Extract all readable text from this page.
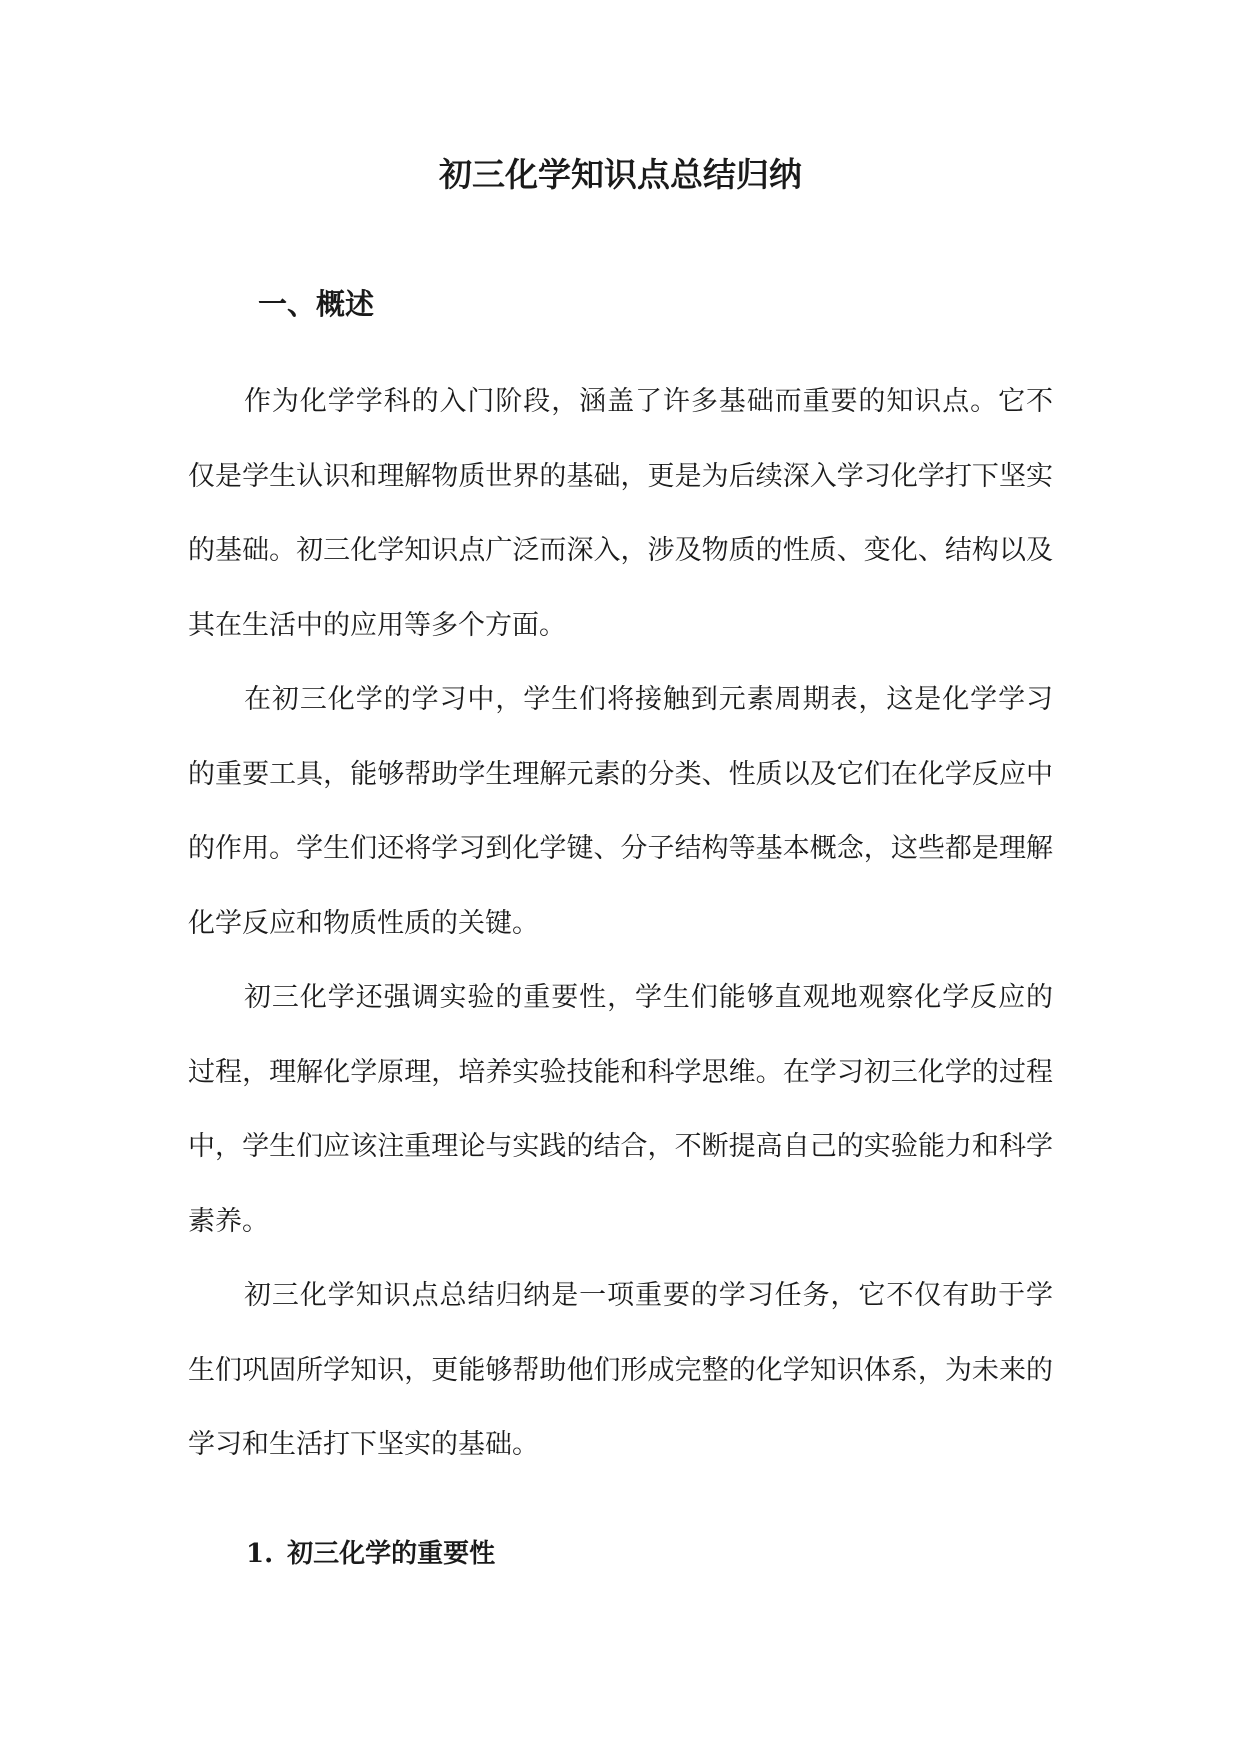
初三化学知识点总结归纳
一、概述

作为化学学科的入门阶段，涵盖了许多基础而重要的知识点。它不仅是学生认识和理解物质世界的基础，更是为后续深入学习化学打下坚实的基础。初三化学知识点广泛而深入，涉及物质的性质、变化、结构以及其在生活中的应用等多个方面。

在初三化学的学习中，学生们将接触到元素周期表，这是化学学习的重要工具，能够帮助学生理解元素的分类、性质以及它们在化学反应中的作用。学生们还将学习到化学键、分子结构等基本概念，这些都是理解化学反应和物质性质的关键。

初三化学还强调实验的重要性，学生们能够直观地观察化学反应的过程，理解化学原理，培养实验技能和科学思维。在学习初三化学的过程中，学生们应该注重理论与实践的结合，不断提高自己的实验能力和科学素养。

初三化学知识点总结归纳是一项重要的学习任务，它不仅有助于学生们巩固所学知识，更能够帮助他们形成完整的化学知识体系，为未来的学习和生活打下坚实的基础。

1. 初三化学的重要性
